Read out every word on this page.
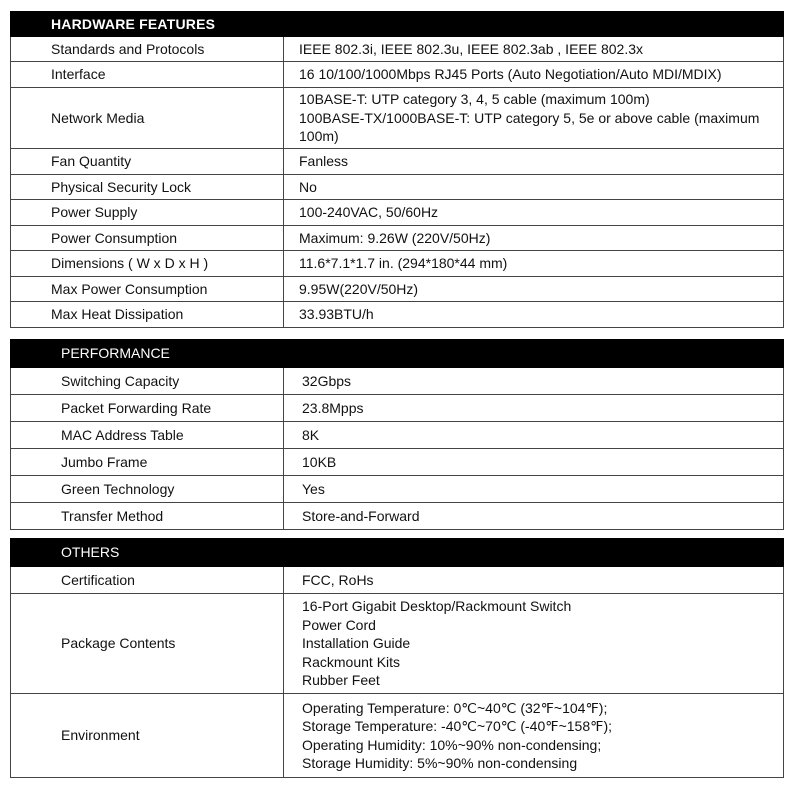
HARDWARE FEATURES	
Standards and Protocols	IEEE 802.3i, IEEE 802.3u, IEEE 802.3ab , IEEE 802.3x

Interface	16 10/100/1000Mbps RJ45 Ports (Auto Negotiation/Auto MDI/MDIX)

Network Media	10BASE-T: UTP category 3, 4, 5 cable (maximum 100m)
100BASE-TX/1000BASE-T: UTP category 5, 5e or above cable (maximum
100m)

Fan Quantity	Fanless

Physical Security Lock	No

Power Supply	100-240VAC, 50/60Hz

Power Consumption	Maximum: 9.26W (220V/50Hz)

Dimensions ( W x D x H )	11.6*7.1*1.7 in. (294*180*44 mm)

Max Power Consumption	9.95W(220V/50Hz)

Max Heat Dissipation	33.93BTU/h
PERFORMANCE	
Switching Capacity	32Gbps

Packet Forwarding Rate	23.8Mpps

MAC Address Table	8K

Jumbo Frame	10KB

Green Technology	Yes

Transfer Method	Store-and-Forward
OTHERS	
Certification	FCC, RoHs

Package Contents	16-Port Gigabit Desktop/Rackmount Switch
Power Cord
Installation Guide
Rackmount Kits
Rubber Feet

Environment	Operating Temperature: 0℃~40℃ (32℉~104℉);
Storage Temperature: -40℃~70℃ (-40℉~158℉);
Operating Humidity: 10%~90% non-condensing;
Storage Humidity: 5%~90% non-condensing
